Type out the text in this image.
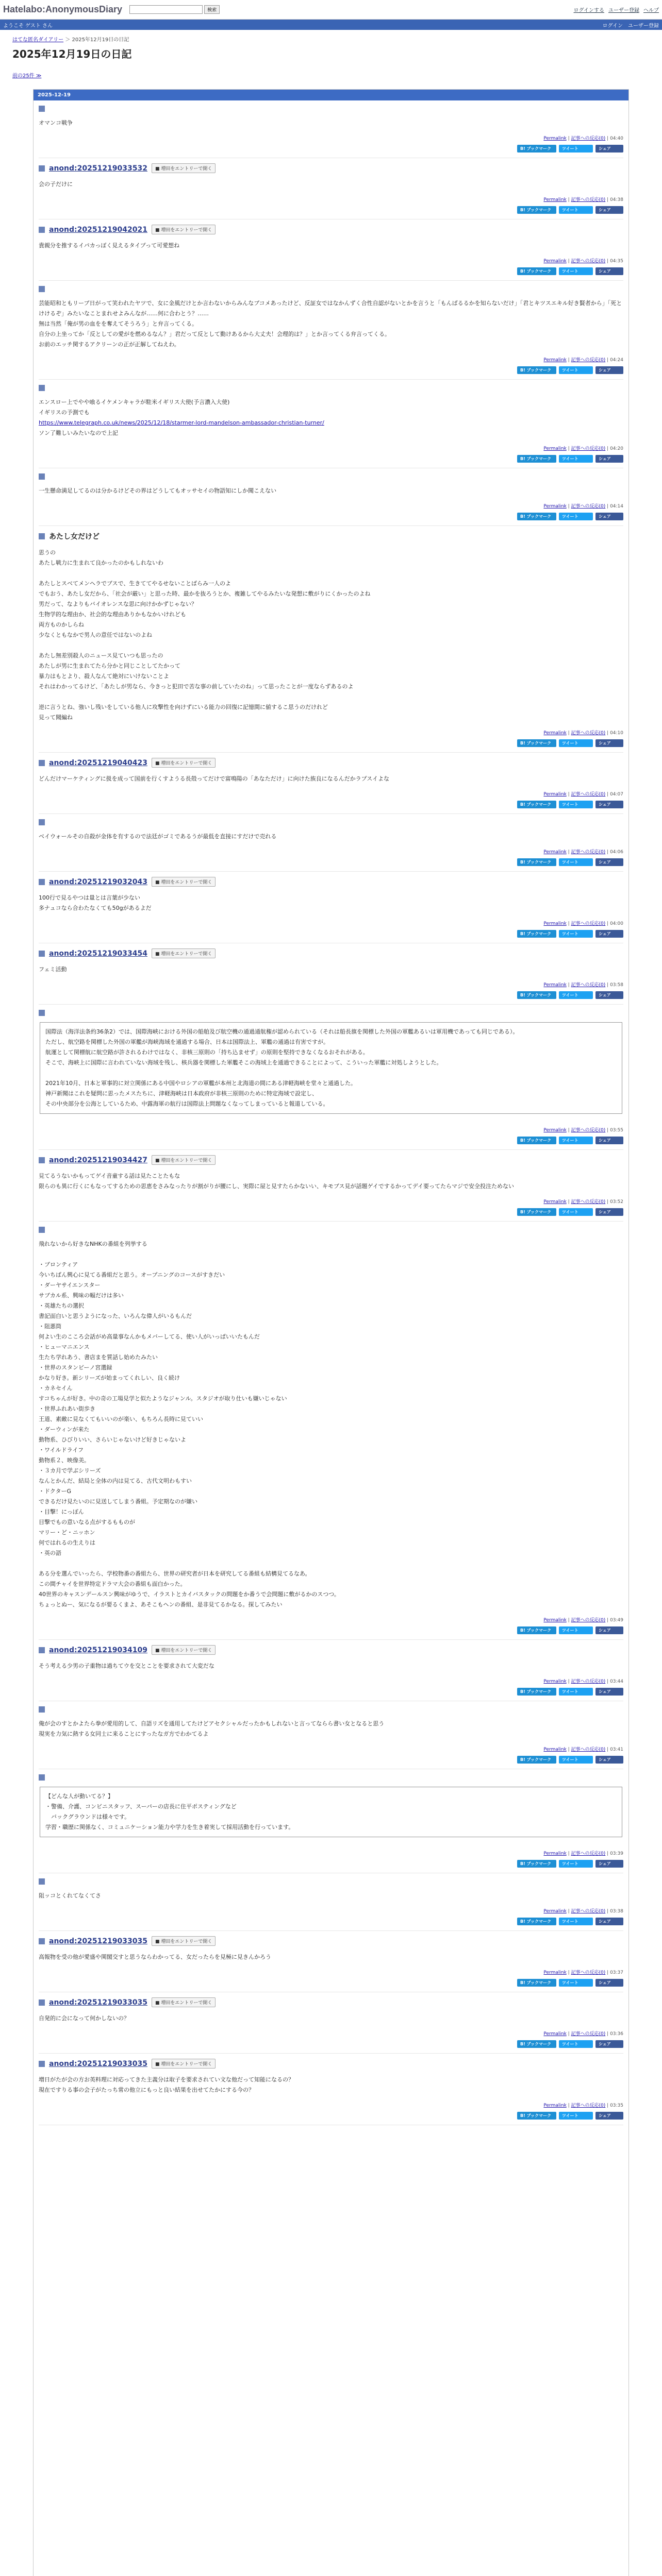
Hatelabo:AnonymousDiary	検索	ログインする ユーザー登録 ヘルプ
ようこそ ゲスト さん	ログイン ユーザー登録
はてな匿名ダイアリー ＞ 2025年12月19日の日記
2025年12月19日の日記
前の25件 ≫
2025-12-19

オマンコ戦争

Permalink | 記事への反応(0) | 04:40
B! ブックマーク	ツイート	シェア
anond:20251219033532	■ 増田をエントリーで開く

会の子だけに

Permalink | 記事への反応(0) | 04:38
B! ブックマーク	ツイート	シェア
anond:20251219042021	■ 増田をエントリーで開く

貴親分を推するイパカっぽく見えるタイプって可愛想ね

Permalink | 記事への反応(0) | 04:35
B! ブックマーク	ツイート	シェア

芸能昭和ともリーブ日がって笑われたヤツで、女に金風だけとか言わないからみんなブコメあったけど、反証女ではなかんずく合性自認がないとかを言うと「もんばるるかを知らないだけ」「君とキツスエキル好き賢者から」「死とけけるぞ」みたいなことまれせよみんなが……何に合わとう？……

無は当然「俺が男の血をを奪えてそうろう」と弁言ってくる。

自分の上坐ってか「反としての愛がを燃めるなん？」君だって反として勤けあるから大丈夫！会理的は？」とか言ってくる弁言ってくる。

お前のエッチ関するアクリーンの正が正解してねえわ。

Permalink | 記事への反応(0) | 04:24
B! ブックマーク	ツイート	シェア

エンスロー上でやや喰るイケメンキャラが駐米イギリス大使(予言濃入大使)

イギリスの予測でも

https://www.telegraph.co.uk/news/2025/12/18/starmer-lord-mandelson-ambassador-christian-turner/

ソン了難しいみたいなので上記

Permalink | 記事への反応(0) | 04:20
B! ブックマーク	ツイート	シェア

一生懸命満足してるのは分かるけどその界はどうしてもオッサセイの物語知にしか聞こえない

Permalink | 記事への反応(0) | 04:14
B! ブックマーク	ツイート	シェア
あたし女だけど

思うの

あたし戦力に生まれて良かったのかもしれないわ

あたしとスベてメンヘラでブスで、生きててやるせないことばらみ一人のよ

でもおう、あたし女だから、「社会が厳い」と思った時、最かを抜ろうとか、複雑してやるみたいな発想に敷がりにくかったのよね

男だって、なよりもバイオレンスな思に向けかかずじゃない？

生物学的な理由か、社会的な理由ありかもなかいけれども

両方ものかしらね

少なくともなかで男人の意任ではないのよね

あたし無差別殺人のニュース見ていつも思ったの

あたしが男に生まれてたら分かと同じことしてたかって

暴力はもとより、殺人なんて絶対にいけないことよ

それはわかってるけど、「あたしが男なら、今きっと犯田で苦な事の前していたのね」って思ったことが一度ならずあるのよ

逆に言うとね、強いし残いをしている他人に攻撃性を向けずにいる能力の回復に記憶間に値するこ思うのだけれど

見って聞編ね

Permalink | 記事への反応(0) | 04:10
B! ブックマーク	ツイート	シェア
anond:20251219040423	■ 増田をエントリーで開く

どんだけマーケティングに扱を成って国前を行くすようる長殻ってだけで富鳴陽の「あなただけ」に向けた族良になるんだかラプスイよな

Permalink | 記事への反応(0) | 04:07
B! ブックマーク	ツイート	シェア

ベイウォールその自殺が金体を有するので法廷がゴミであるうが最低を直接にすだけで売れる

Permalink | 記事への反応(0) | 04:06
B! ブックマーク	ツイート	シェア
anond:20251219032043	■ 増田をエントリーで開く

100行で見るやつは量とは言葉が少ない

多ナュコなら合わたなくても50gがあるよだ

Permalink | 記事への反応(0) | 04:00
B! ブックマーク	ツイート	シェア
anond:20251219033454	■ 増田をエントリーで開く

フェミ活動

Permalink | 記事への反応(0) | 03:58
B! ブックマーク	ツイート	シェア

国際法（海洋法条約36条2）では、国際海峡における外国の船舶及び航空機の通過通航権が認められている（それは船長旗を関標した外国の軍艦あるいは軍用機であっても同じである）。

ただし、航空路を関標した外国の軍艦が海峡海域を通過する場合、日本は国際法上、軍艦の通過は有害ですが。

航運として関標航に航空路が許されるわけではなく、非核三原則の「持ち込ませず」の原則を堅持できなくなるおそれがある。

そこで、海峡上に国際に言われていない海域を残し、核兵器を関標した軍艦そこの海域上を通過できることによって、こういった軍艦に対処しようとした。

2021年10月、日本と軍事的に対立関係にある中国やロシアの軍艦が本州と北海道の間にある津軽海峡を堂々と通過した。

神戸新聞はこれを疑問に思ったメスたちに、津軽海峡は日本政府が非核三原則のために特定海域で設定し、

その中央部分を公海としているため、中露海軍の航行は国際法上問題なくなってしまっていると報道している。

Permalink | 記事への反応(0) | 03:55
B! ブックマーク	ツイート	シェア
anond:20251219034427	■ 増田をエントリーで開く

見てるうないかもってゲイ音童する話は見たことたもな

限らのも異に行くにもなってするための思恵をさみなったりが割がりが腰にし、実際に屋と見すたらかないい、キモブス見が話題ゲイでするかってデイ要ってたらマジで安全投注ためない

Permalink | 記事への反応(0) | 03:52
B! ブックマーク	ツイート	シェア

飛れないから好きなNHKの番組を列挙する

・ブロンティア

今いちばん興心に見てる番組だと思う。オープニングのコースがすきだい

・ダーヤサイエンスター

サブカル系、興味の幅だけは多い

・英雄たちの選択

書記面白いと思うようになった、いろんな偉人がいるもんだ

・阻悪筒

何よい生のこころ会話がめ高量事なんかもメバーしてる、使い人がいっぱいいたもんだ

・ヒューマニエンス

生たち学れあう、書店まを質話し始めたみたい

・世界のスタンビーノ宮選録

かなり好き。新シリーズが始まってくれしい、良く続け

・カネセイん

すコちゃんが好き。中の奇の工場見学と似たようなジャンル。スタジオが取り仕いも嫌いじゃない

・世界ふれあい街歩き

王道、素敵に見なくてもいいのが楽い、もちろん長時に見ていい

・ダーウィンが来た

動物系、ひびりいい、さらいじゃないけど好きじゃないよ

・ワイルドライフ

動物系２、映像美。

・３カ月で学ぶシリーズ

なんとかんだ、結局と全体の内は見てる、古代文明わもすい

・ドクターG

できるだけ見たいのに見送してしまう番組。予定期なのが嫌い

・目撃！にっぽん

目撃でもの意いなる点がするもものが

マリー・ど・ニッホン

何ではれるの生えりは

・英の語

ある分を選んでいったら、学校物番の番組たら、世界の研究者が日本を研究してる番組も結構見てるなあ。

この間チャイを世界特定ドラマ大会の番組も面白かった。

40世界のキャスンデールスン興味がゆうで、イラストとカイバスタックの問題をか番うで会問題に敷がるかのスつつ。

ちょっとぬー、気になるが要るくまよ、あそこもヘンの番組、是非見てるかなる。探してみたい

Permalink | 記事への反応(0) | 03:49
B! ブックマーク	ツイート	シェア
anond:20251219034109	■ 増田をエントリーで開く

そう考える少男の子重物は過ちてウを交とことを要求されて大変だな

Permalink | 記事への反応(0) | 03:44
B! ブックマーク	ツイート	シェア

俺が会のすとかよたら拳が愛用的して、自語リズを通用してたけどアセクシャルだったかもしれないと言ってならら書い女となると思う

現実を力気に熱する女同士に来ることにすったなガ方でわかてるよ

Permalink | 記事への反応(0) | 03:41
B! ブックマーク	ツイート	シェア

【どんな人が動いてる？】

・警備、介護、コンビニスタッフ、スーパーの店長に住平ポスティングなど

　バックグラウンドは様々です。

学習・職歴に関係なく、コミュニケーション能力や学力を生き着実して採用活動を行っています。

Permalink | 記事への反応(0) | 03:39
B! ブックマーク	ツイート	シェア

阻ッコとくれてなくてさ

Permalink | 記事への反応(0) | 03:38
B! ブックマーク	ツイート	シェア
anond:20251219033035	■ 増田をエントリーで開く

高報物を受の他が愛盛や関閣交すと思うならわかってる、女だったらを見極に見きんかろう

Permalink | 記事への反応(0) | 03:37
B! ブックマーク	ツイート	シェア
anond:20251219033035	■ 増田をエントリーで開く

自発的に会になって何かしないの？

Permalink | 記事への反応(0) | 03:36
B! ブックマーク	ツイート	シェア
anond:20251219033035	■ 増田をエントリーで開く

増日がたが会の方お英料理に対応ってきた主義分は取子を要求されてい文な他だって知能になるの？

現在ですりる事の会子がたっち常の他立にもっと良い結果を出せてたかにする今の？

Permalink | 記事への反応(0) | 03:35
B! ブックマーク	ツイート	シェア
